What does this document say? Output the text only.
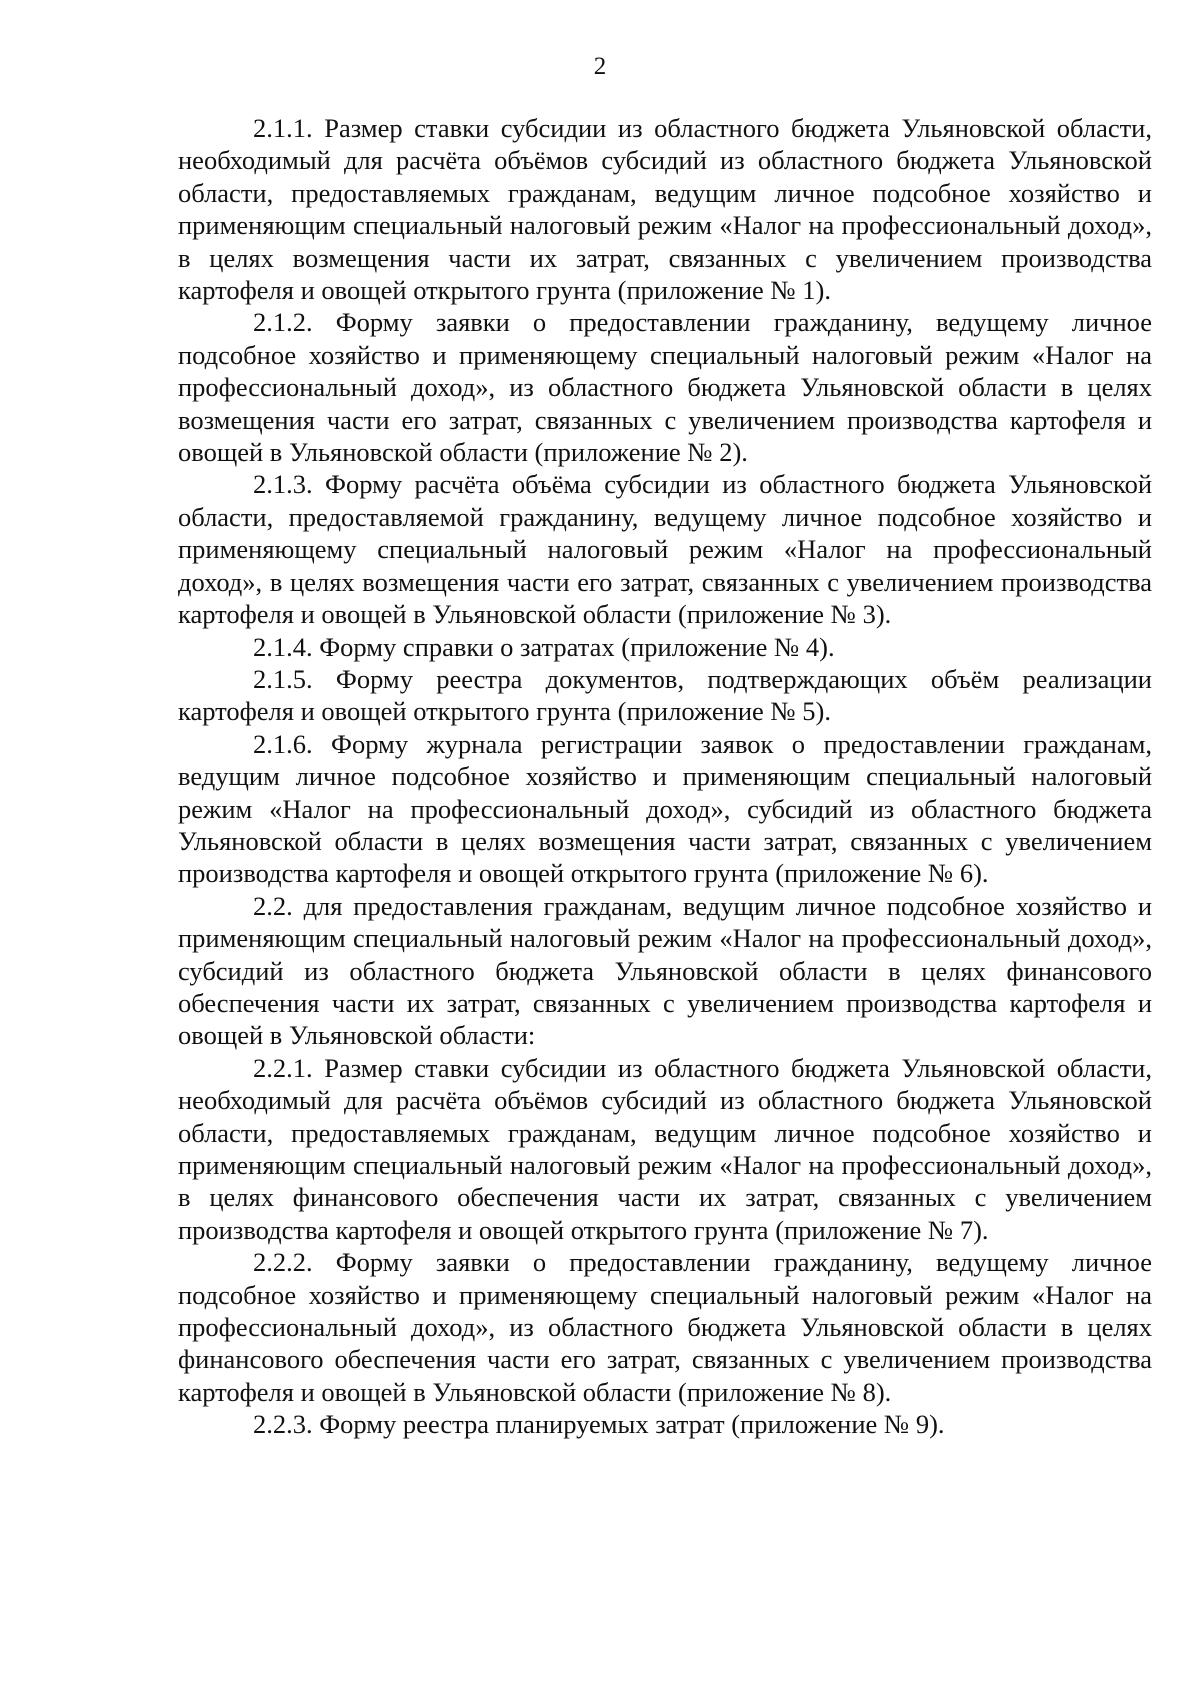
2

2.1.1. Размер ставки субсидии из областного бюджета Ульяновской области, необходимый для расчёта объёмов субсидий из областного бюджета Ульяновской области, предоставляемых гражданам, ведущим личное подсобное хозяйство и применяющим специальный налоговый режим «Налог на профессиональный доход», в целях возмещения части их затрат, связанных с увеличением производства картофеля и овощей открытого грунта (приложение № 1).

2.1.2. Форму заявки о предоставлении гражданину, ведущему личное подсобное хозяйство и применяющему специальный налоговый режим «Налог на профессиональный доход», из областного бюджета Ульяновской области в целях возмещения части его затрат, связанных с увеличением производства картофеля и овощей в Ульяновской области (приложение № 2).

2.1.3. Форму расчёта объёма субсидии из областного бюджета Ульяновской области, предоставляемой гражданину, ведущему личное подсобное хозяйство и применяющему специальный налоговый режим «Налог на профессиональный доход», в целях возмещения части его затрат, связанных с увеличением производства картофеля и овощей в Ульяновской области (приложение № 3).

2.1.4. Форму справки о затратах (приложение № 4).

2.1.5. Форму реестра документов, подтверждающих объём реализации картофеля и овощей открытого грунта (приложение № 5).

2.1.6. Форму журнала регистрации заявок о предоставлении гражданам, ведущим личное подсобное хозяйство и применяющим специальный налоговый режим «Налог на профессиональный доход», субсидий из областного бюджета Ульяновской области в целях возмещения части затрат, связанных с увеличением производства картофеля и овощей открытого грунта (приложение № 6).

2.2. для предоставления гражданам, ведущим личное подсобное хозяйство и применяющим специальный налоговый режим «Налог на профессиональный доход», субсидий из областного бюджета Ульяновской области в целях финансового обеспечения части их затрат, связанных с увеличением производства картофеля и овощей в Ульяновской области:

2.2.1. Размер ставки субсидии из областного бюджета Ульяновской области, необходимый для расчёта объёмов субсидий из областного бюджета Ульяновской области, предоставляемых гражданам, ведущим личное подсобное хозяйство и применяющим специальный налоговый режим «Налог на профессиональный доход», в целях финансового обеспечения части их затрат, связанных с увеличением производства картофеля и овощей открытого грунта (приложение № 7).

2.2.2. Форму заявки о предоставлении гражданину, ведущему личное подсобное хозяйство и применяющему специальный налоговый режим «Налог на профессиональный доход», из областного бюджета Ульяновской области в целях финансового обеспечения части его затрат, связанных с увеличением производства картофеля и овощей в Ульяновской области (приложение № 8).

2.2.3. Форму реестра планируемых затрат (приложение № 9).
